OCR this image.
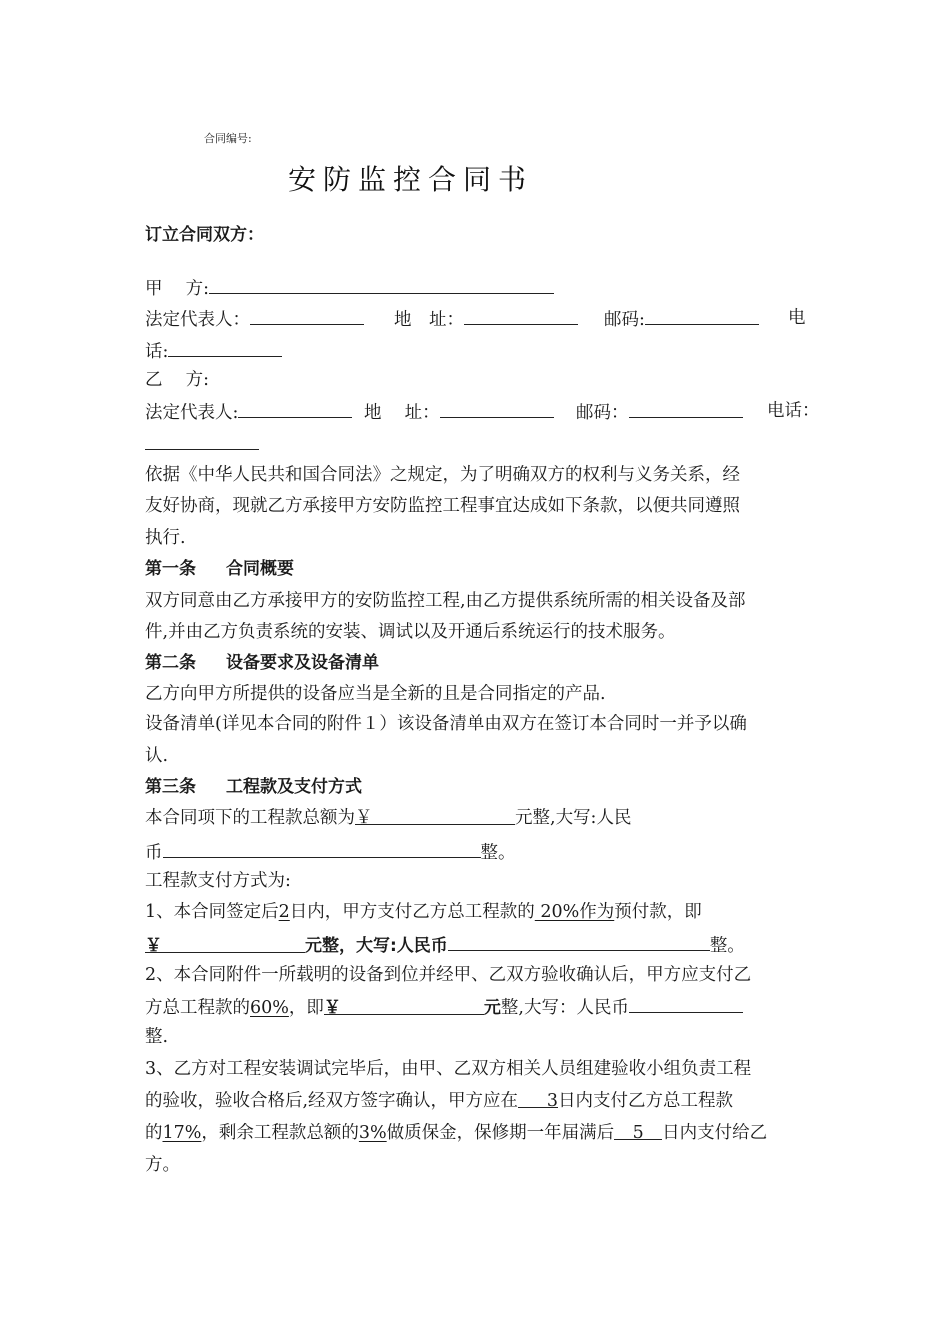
合同编号:
安防监控合同书
订立合同双方：
甲　 方:
法定代表人：	地　址：	邮码:	电
话:
乙　 方:
法定代表人:	地　 址：	邮码：	电话：
依据《中华人民共和国合同法》之规定，为了明确双方的权利与义务关系，经
友好协商，现就乙方承接甲方安防监控工程事宜达成如下条款，以便共同遵照
执行.
第一条 合同概要
双方同意由乙方承接甲方的安防监控工程,由乙方提供系统所需的相关设备及部
件,并由乙方负责系统的安装、调试以及开通后系统运行的技术服务。
第二条 设备要求及设备清单
乙方向甲方所提供的设备应当是全新的且是合同指定的产品.
设备清单(详见本合同的附件１）该设备清单由双方在签订本合同时一并予以确
认.
第三条 工程款及支付方式
本合同项下的工程款总额为￥	元整,大写:人民
币	整。
工程款支付方式为:
1、本合同签定后2日内，甲方支付乙方总工程款的 20%作为预付款，即
￥	元整，大写:人民币	整。
2、本合同附件一所载明的设备到位并经甲、乙双方验收确认后，甲方应支付乙
方总工程款的60%，即￥	元整,大写：人民币
整.
3、乙方对工程安装调试完毕后，由甲、乙双方相关人员组建验收小组负责工程
的验收，验收合格后,经双方签字确认，甲方应在 3日内支付乙方总工程款
的17%，剩余工程款总额的3%做质保金，保修期一年届满后 5 日内支付给乙
方。
